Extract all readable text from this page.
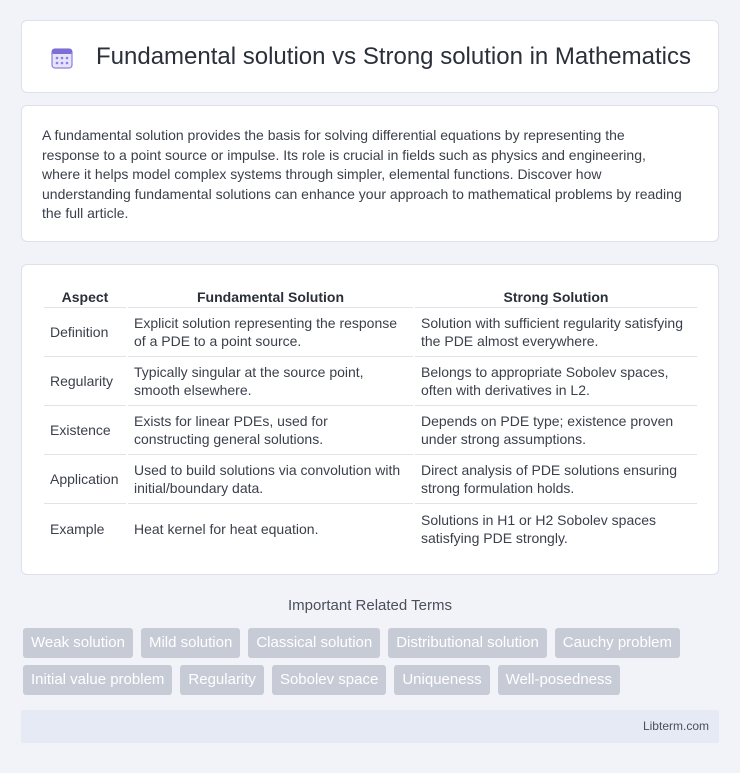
Fundamental solution vs Strong solution in Mathematics

A fundamental solution provides the basis for solving differential equations by representing the response to a point source or impulse. Its role is crucial in fields such as physics and engineering, where it helps model complex systems through simpler, elemental functions. Discover how understanding fundamental solutions can enhance your approach to mathematical problems by reading the full article.

Aspect	Fundamental Solution	Strong Solution
Definition	Explicit solution representing the response of a PDE to a point source.	Solution with sufficient regularity satisfying the PDE almost everywhere.
Regularity	Typically singular at the source point, smooth elsewhere.	Belongs to appropriate Sobolev spaces, often with derivatives in L2.
Existence	Exists for linear PDEs, used for constructing general solutions.	Depends on PDE type; existence proven under strong assumptions.
Application	Used to build solutions via convolution with initial/boundary data.	Direct analysis of PDE solutions ensuring strong formulation holds.
Example	Heat kernel for heat equation.	Solutions in H1 or H2 Sobolev spaces satisfying PDE strongly.
Important Related Terms
Weak solution	Mild solution	Classical solution	Distributional solution	Cauchy problem
Initial value problem	Regularity	Sobolev space	Uniqueness	Well-posedness
Libterm.com
